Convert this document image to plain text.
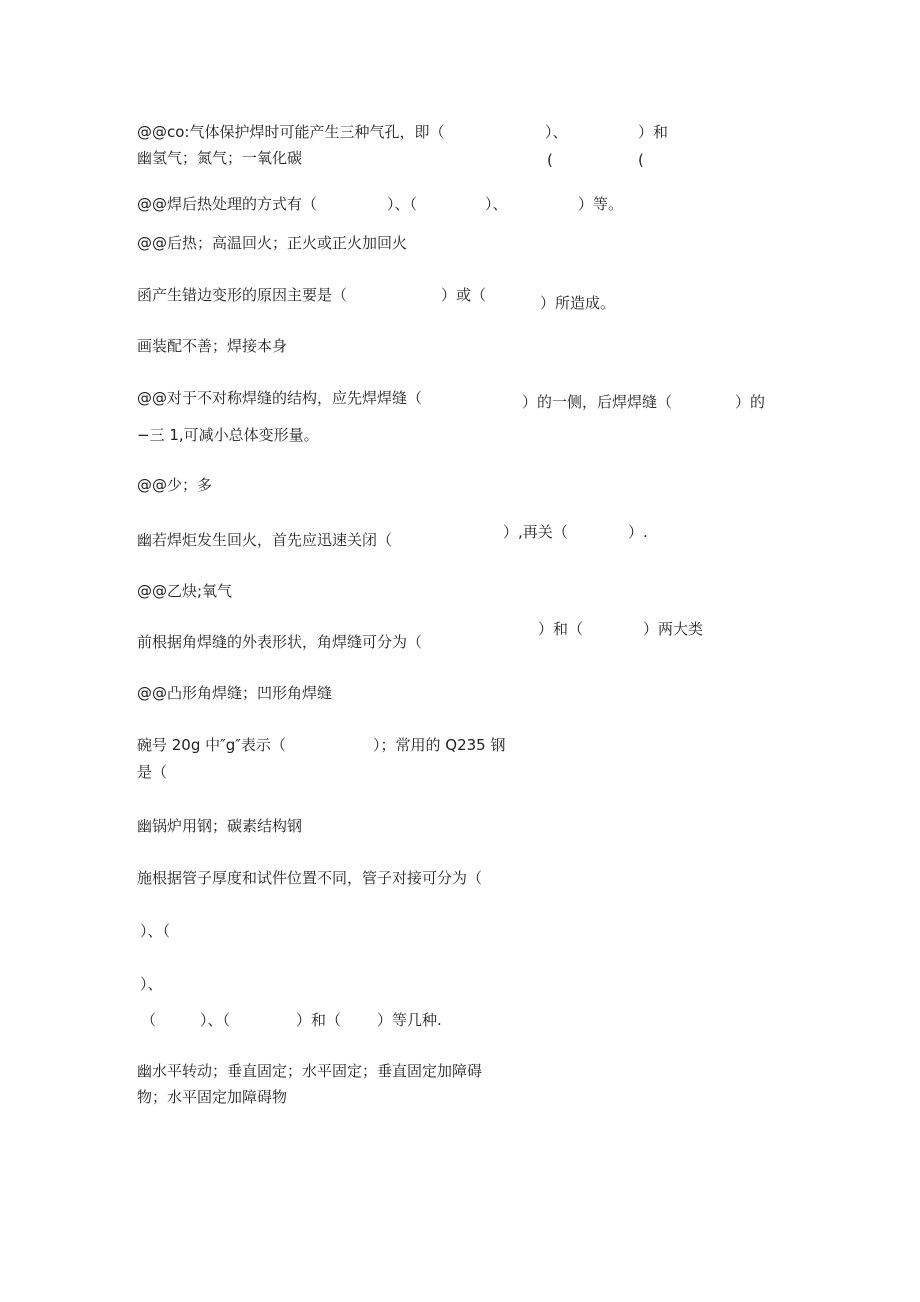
@@co:气体保护焊时可能产生三种气孔，即（	）、	）和
幽氢气；氮气；一氧化碳	(	(
@@焊后热处理的方式有（	）、（	）、	）等。
@@后热；高温回火；正火或正火加回火
函产生错边变形的原因主要是（	）或（	）所造成。
画装配不善；焊接本身
@@对于不对称焊缝的结构，应先焊焊缝（	）的一侧，后焊焊缝（	）的
−三 1,可减小总体变形量。
@@少；多
幽若焊炬发生回火，首先应迅速关闭（	）,再关（	）.
@@乙炔;氧气
）和（　　　　）两大类
前根据角焊缝的外表形状，角焊缝可分为（
@@凸形角焊缝；凹形角焊缝
碗号 20g 中″g″表示（	）；常用的 Q235 钢
是（
幽锅炉用钢；碳素结构钢
施根据管子厚度和试件位置不同，管子对接可分为（
）、（
）、
（	）、（	）和（ ）等几种.
幽水平转动；垂直固定；水平固定；垂直固定加障碍
物；水平固定加障碍物
